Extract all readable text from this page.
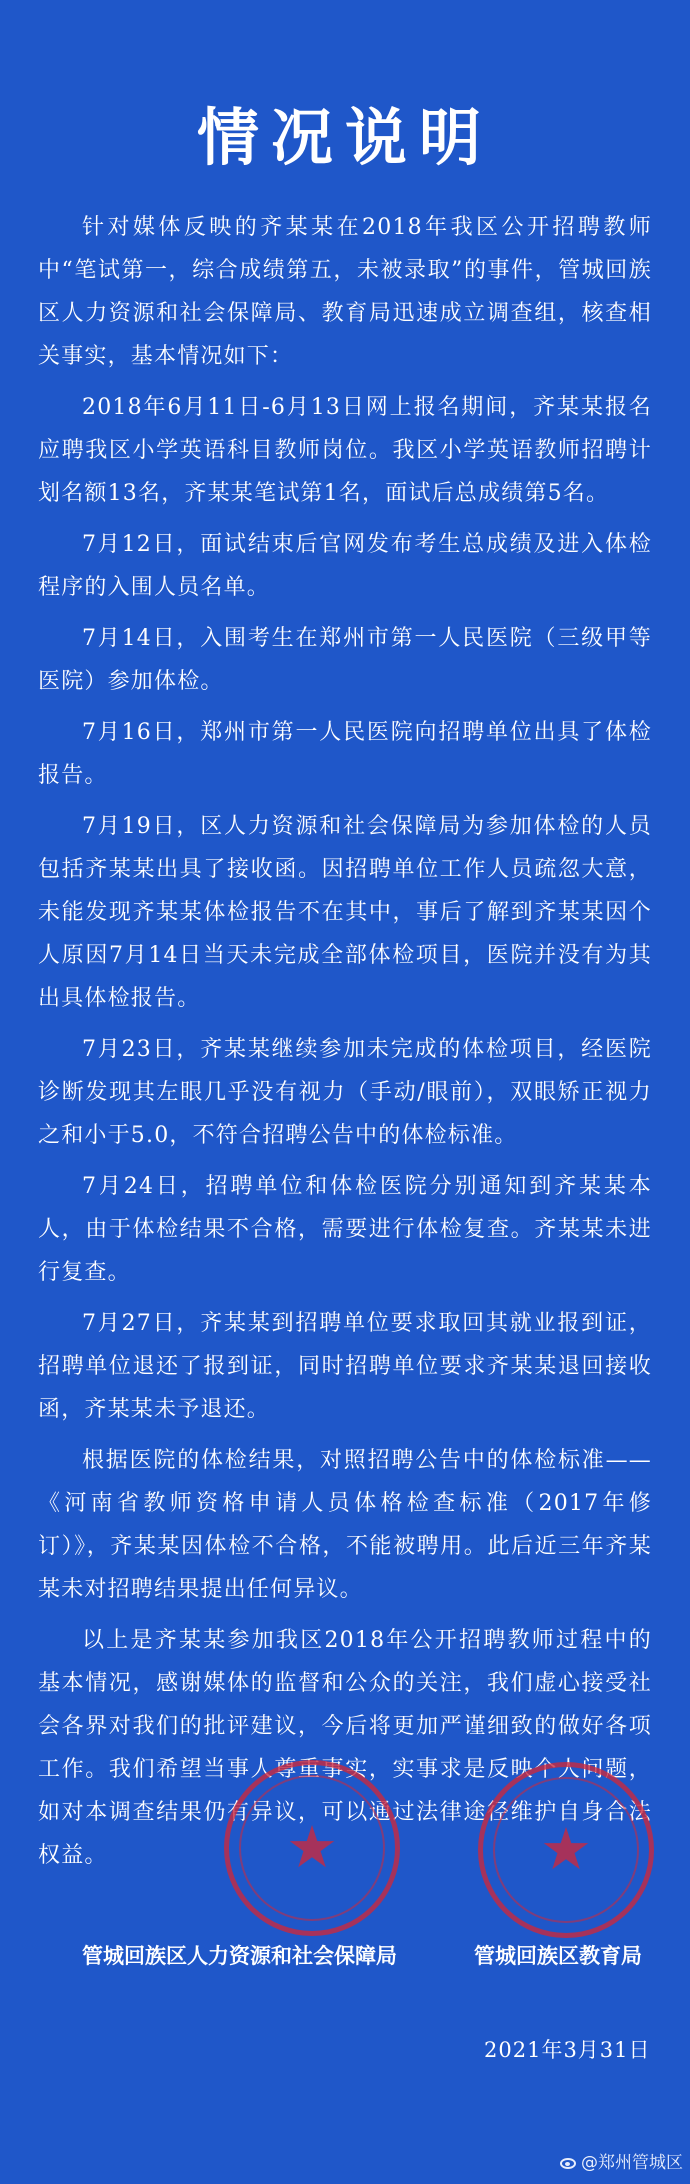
情况说明

针对媒体反映的齐某某在2018年我区公开招聘教师中“笔试第一，综合成绩第五，未被录取”的事件，管城回族区人力资源和社会保障局、教育局迅速成立调查组，核查相关事实，基本情况如下：

2018年6月11日-6月13日网上报名期间，齐某某报名应聘我区小学英语科目教师岗位。我区小学英语教师招聘计划名额13名，齐某某笔试第1名，面试后总成绩第5名。

7月12日，面试结束后官网发布考生总成绩及进入体检程序的入围人员名单。

7月14日，入围考生在郑州市第一人民医院（三级甲等医院）参加体检。

7月16日，郑州市第一人民医院向招聘单位出具了体检报告。

7月19日，区人力资源和社会保障局为参加体检的人员包括齐某某出具了接收函。因招聘单位工作人员疏忽大意，未能发现齐某某体检报告不在其中，事后了解到齐某某因个人原因7月14日当天未完成全部体检项目，医院并没有为其出具体检报告。

7月23日，齐某某继续参加未完成的体检项目，经医院诊断发现其左眼几乎没有视力（手动/眼前），双眼矫正视力之和小于5.0，不符合招聘公告中的体检标准。

7月24日，招聘单位和体检医院分别通知到齐某某本人，由于体检结果不合格，需要进行体检复查。齐某某未进行复查。

7月27日，齐某某到招聘单位要求取回其就业报到证，招聘单位退还了报到证，同时招聘单位要求齐某某退回接收函，齐某某未予退还。

根据医院的体检结果，对照招聘公告中的体检标准——《河南省教师资格申请人员体格检查标准（2017年修订）》，齐某某因体检不合格，不能被聘用。此后近三年齐某某未对招聘结果提出任何异议。

以上是齐某某参加我区2018年公开招聘教师过程中的基本情况，感谢媒体的监督和公众的关注，我们虚心接受社会各界对我们的批评建议，今后将更加严谨细致的做好各项工作。我们希望当事人尊重事实，实事求是反映个人问题，如对本调查结果仍有异议，可以通过法律途径维护自身合法权益。	★	★
管城回族区人力资源和社会保障局	管城回族区教育局
2021年3月31日
@郑州管城区
